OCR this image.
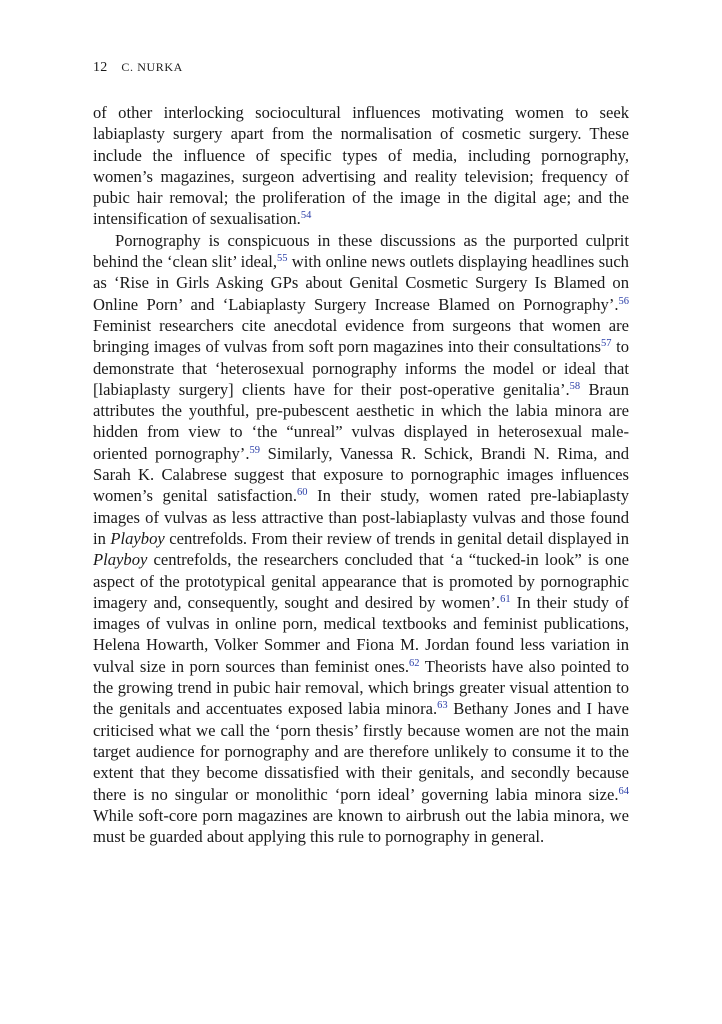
12 C. NURKA

of other interlocking sociocultural influences motivating women to seek labiaplasty surgery apart from the normalisation of cosmetic surgery. These include the influence of specific types of media, including pornography, women’s magazines, surgeon advertising and reality television; frequency of pubic hair removal; the proliferation of the image in the digital age; and the intensification of sexualisation.$^{54}$

Pornography is conspicuous in these discussions as the purported culprit behind the ‘clean slit’ ideal,$^{55}$ with online news outlets displaying headlines such as ‘Rise in Girls Asking GPs about Genital Cosmetic Surgery Is Blamed on Online Porn’ and ‘Labiaplasty Surgery Increase Blamed on Pornography’.$^{56}$ Feminist researchers cite anecdotal evidence from surgeons that women are bringing images of vulvas from soft porn magazines into their consultations$^{57}$ to demonstrate that ‘heterosexual pornography informs the model or ideal that [labiaplasty surgery] clients have for their post-operative genitalia’.$^{58}$ Braun attributes the youthful, pre-pubescent aesthetic in which the labia minora are hidden from view to ‘the “unreal” vulvas displayed in heterosexual male-oriented pornography’.$^{59}$ Similarly, Vanessa R. Schick, Brandi N. Rima, and Sarah K. Calabrese suggest that exposure to pornographic images influences women’s genital satisfaction.$^{60}$ In their study, women rated pre-labiaplasty images of vulvas as less attractive than post-labiaplasty vulvas and those found in Playboy centrefolds. From their review of trends in genital detail displayed in Playboy centrefolds, the researchers concluded that ‘a “tucked-in look” is one aspect of the prototypical genital appearance that is promoted by pornographic imagery and, consequently, sought and desired by women’.$^{61}$ In their study of images of vulvas in online porn, medical textbooks and feminist publications, Helena Howarth, Volker Sommer and Fiona M. Jordan found less variation in vulval size in porn sources than feminist ones.$^{62}$ Theorists have also pointed to the growing trend in pubic hair removal, which brings greater visual attention to the genitals and accentuates exposed labia minora.$^{63}$ Bethany Jones and I have criticised what we call the ‘porn thesis’ firstly because women are not the main target audience for pornography and are therefore unlikely to consume it to the extent that they become dissatisfied with their genitals, and secondly because there is no singular or monolithic ‘porn ideal’ governing labia minora size.$^{64}$ While soft-core porn magazines are known to airbrush out the labia minora, we must be guarded about applying this rule to pornography in general.
